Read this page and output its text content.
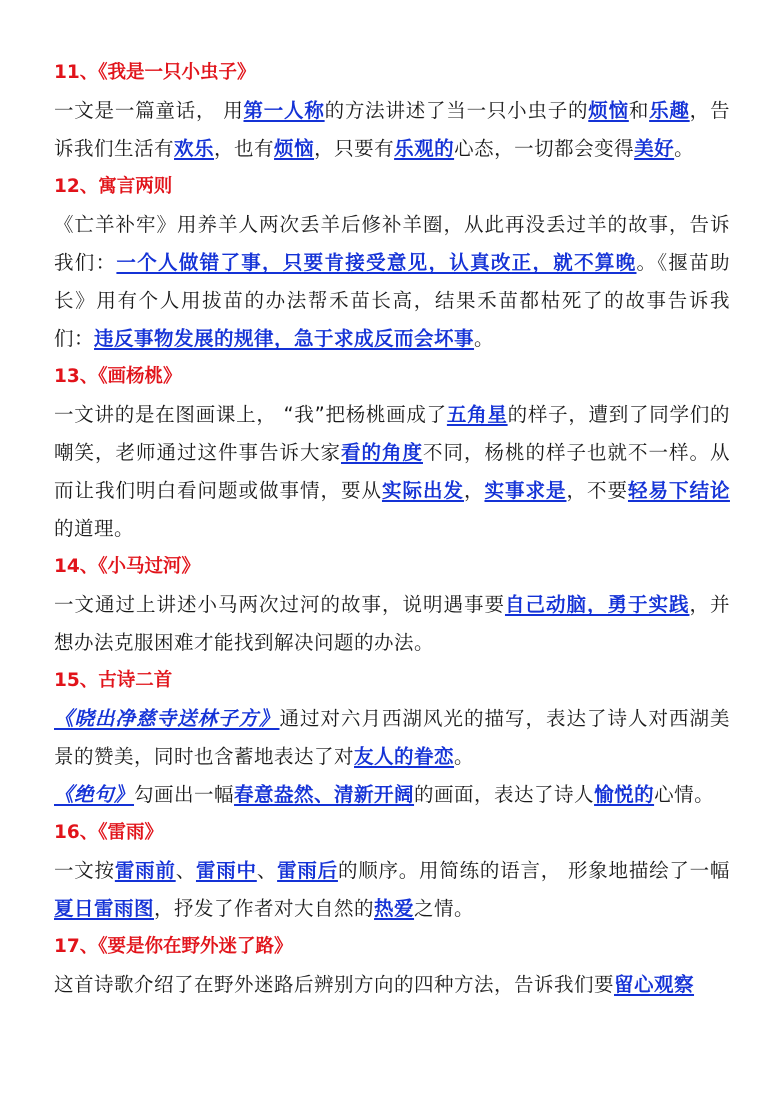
11、《我是一只小虫子》

一文是一篇童话， 用第一人称的方法讲述了当一只小虫子的烦恼和乐趣，告诉我们生活有欢乐，也有烦恼，只要有乐观的心态，一切都会变得美好。

12、寓言两则

《亡羊补牢》用养羊人两次丢羊后修补羊圈，从此再没丢过羊的故事，告诉我们：一个人做错了事，只要肯接受意见，认真改正，就不算晚。《揠苗助长》用有个人用拔苗的办法帮禾苗长高，结果禾苗都枯死了的故事告诉我们：违反事物发展的规律，急于求成反而会坏事。

13、《画杨桃》

一文讲的是在图画课上， “我”把杨桃画成了五角星的样子，遭到了同学们的嘲笑，老师通过这件事告诉大家看的角度不同，杨桃的样子也就不一样。从而让我们明白看问题或做事情，要从实际出发，实事求是，不要轻易下结论的道理。

14、《小马过河》

一文通过上讲述小马两次过河的故事，说明遇事要自己动脑，勇于实践，并想办法克服困难才能找到解决问题的办法。

15、古诗二首

《晓出净慈寺送林子方》通过对六月西湖风光的描写，表达了诗人对西湖美景的赞美，同时也含蓄地表达了对友人的眷恋。

《绝句》勾画出一幅春意盎然、清新开阔的画面，表达了诗人愉悦的心情。

16、《雷雨》

一文按雷雨前、雷雨中、雷雨后的顺序。用简练的语言， 形象地描绘了一幅夏日雷雨图，抒发了作者对大自然的热爱之情。

17、《要是你在野外迷了路》

这首诗歌介绍了在野外迷路后辨别方向的四种方法，告诉我们要留心观察
